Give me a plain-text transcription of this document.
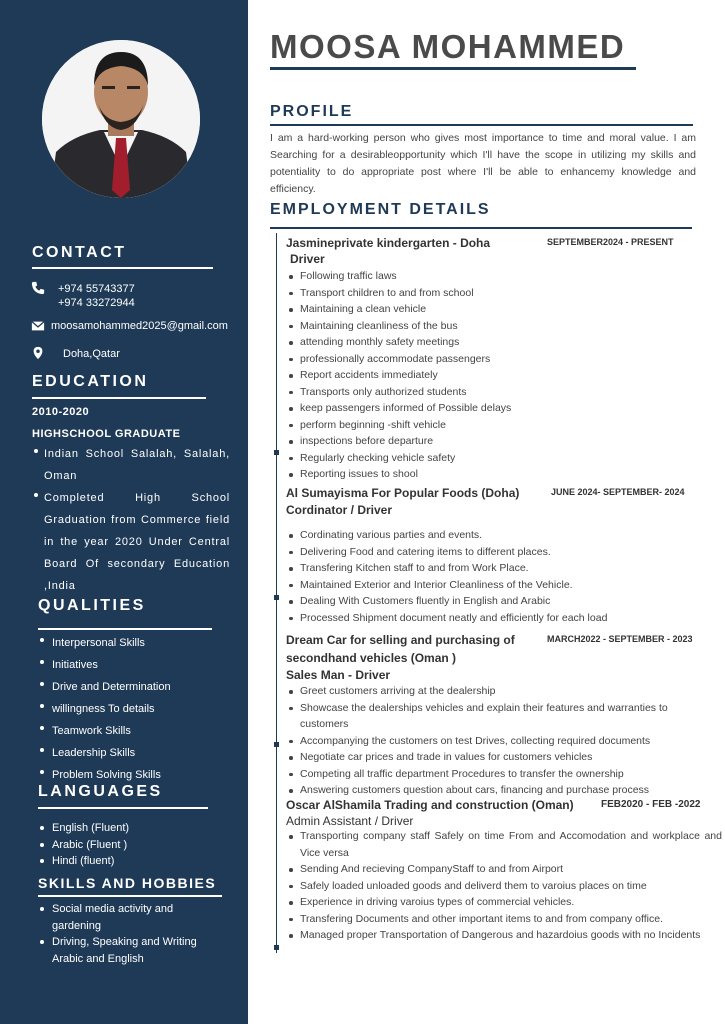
CONTACT
+974 55743377
+974 33272944
moosamohammed2025@gmail.com
Doha,Qatar
EDUCATION
2010-2020
HIGHSCHOOL GRADUATE
Indian School Salalah, Salalah, Oman
Completed High School Graduation from Commerce field in the year 2020 Under Central Board Of secondary Education ,India
QUALITIES
Interpersonal Skills
Initiatives
Drive and Determination
willingness To details
Teamwork Skills
Leadership Skills
Problem Solving Skills
LANGUAGES
English (Fluent)
Arabic (Fluent )
Hindi (fluent)
SKILLS AND HOBBIES
Social media activity and gardening
Driving, Speaking and Writing Arabic and English
MOOSA MOHAMMED
PROFILE
I am a hard-working person who gives most importance to time and moral value. I am Searching for a desirableopportunity which I'll have the scope in utilizing my skills and potentiality to do appropriate post where I'll be able to enhancemy knowledge and efficiency.
EMPLOYMENT DETAILS
Jasmineprivate kindergarten - Doha	SEPTEMBER2024 - PRESENT
Driver
Following traffic laws
Transport children to and from school
Maintaining a clean vehicle
Maintaining cleanliness of the bus
attending monthly safety meetings
professionally accommodate passengers
Report accidents immediately
Transports only authorized students
keep passengers informed of Possible delays
perform beginning -shift vehicle
inspections before departure
Regularly checking vehicle safety
Reporting issues to shool
Al Sumayisma For Popular Foods (Doha)	JUNE 2024- SEPTEMBER- 2024
Cordinator / Driver
Cordinating various parties and events.
Delivering Food and catering items to different places.
Transfering Kitchen staff to and from Work Place.
Maintained Exterior and Interior Cleanliness of the Vehicle.
Dealing With Customers fluently in English and Arabic
Processed Shipment document neatly and efficiently for each load
Dream Car for selling and purchasing of secondhand vehicles (Oman )
MARCH2022 - SEPTEMBER - 2023
Sales Man - Driver
Greet customers arriving at the dealership
Showcase the dealerships vehicles and explain their features and warranties to customers
Accompanying the customers on test Drives, collecting required documents
Negotiate car prices and trade in values for customers vehicles
Competing all traffic department Procedures to transfer the ownership
Answering customers question about cars, financing and purchase process
Oscar AlShamila Trading and construction (Oman)	FEB2020 - FEB -2022
Admin Assistant / Driver
Transporting company staff Safely on time From and Accomodation and workplace and Vice versa
Sending And recieving CompanyStaff to and from Airport
Safely loaded unloaded goods and deliverd them to varoius places on time
Experience in driving varoius types of commercial vehicles.
Transfering Documents and other important items to and from company office.
Managed proper Transportation of Dangerous and hazardoius goods with no Incidents
